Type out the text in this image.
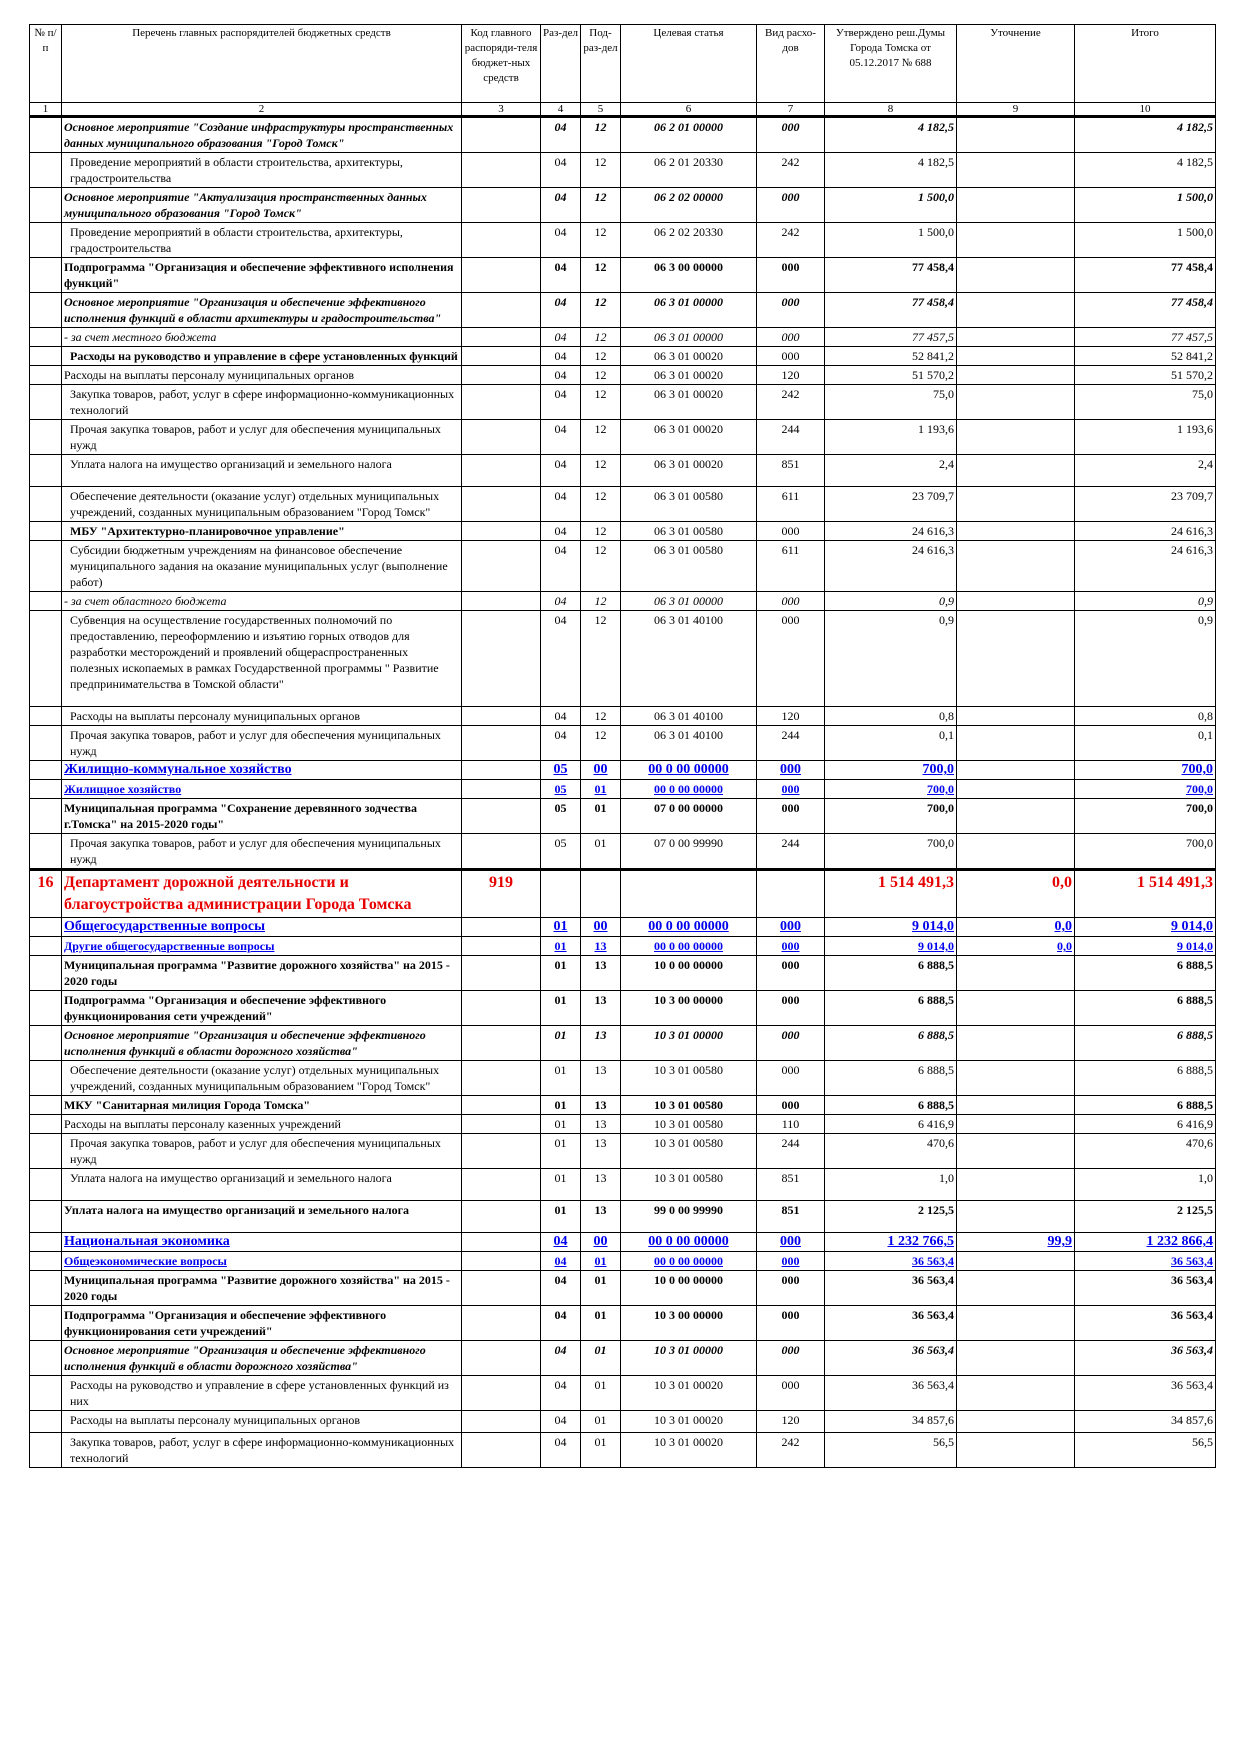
№ п/п	Перечень главных распорядителей бюджетных средств	Код главного распоряди-теля бюджет-ных средств	Раз-дел	Под-раз-дел	Целевая статья	Вид расхо-дов	Утверждено реш.Думы Города Томска от 05.12.2017 № 688	Уточнение	Итого
1	2	3	4	5	6	7	8	9	10
	Основное мероприятие "Создание инфраструктуры пространственных данных муниципального образования "Город Томск"		04	12	06 2 01 00000	000	4 182,5		4 182,5
	Проведение мероприятий в области строительства, архитектуры, градостроительства		04	12	06 2 01 20330	242	4 182,5		4 182,5
	Основное мероприятие "Актуализация пространственных данных муниципального образования "Город Томск"		04	12	06 2 02 00000	000	1 500,0		1 500,0
	Проведение мероприятий в области строительства, архитектуры, градостроительства		04	12	06 2 02 20330	242	1 500,0		1 500,0
	Подпрограмма "Организация и обеспечение эффективного исполнения функций"		04	12	06 3 00 00000	000	77 458,4		77 458,4
	Основное мероприятие "Организация и обеспечение эффективного исполнения функций в области архитектуры и градостроительства"		04	12	06 3 01 00000	000	77 458,4		77 458,4
	- за счет местного бюджета		04	12	06 3 01 00000	000	77 457,5		77 457,5
	Расходы на руководство и управление в сфере установленных функций		04	12	06 3 01 00020	000	52 841,2		52 841,2
	Расходы на выплаты персоналу муниципальных органов		04	12	06 3 01 00020	120	51 570,2		51 570,2
	Закупка товаров, работ, услуг в сфере информационно-коммуникационных технологий		04	12	06 3 01 00020	242	75,0		75,0
	Прочая закупка товаров, работ и услуг для обеспечения муниципальных нужд		04	12	06 3 01 00020	244	1 193,6		1 193,6
	Уплата налога на имущество организаций и земельного налога		04	12	06 3 01 00020	851	2,4		2,4
	Обеспечение деятельности (оказание услуг) отдельных муниципальных учреждений, созданных муниципальным образованием "Город Томск"		04	12	06 3 01 00580	611	23 709,7		23 709,7
	МБУ "Архитектурно-планировочное управление"		04	12	06 3 01 00580	000	24 616,3		24 616,3
	Субсидии бюджетным учреждениям на финансовое обеспечение муниципального задания на оказание муниципальных услуг (выполнение работ)		04	12	06 3 01 00580	611	24 616,3		24 616,3
	- за счет областного бюджета		04	12	06 3 01 00000	000	0,9		0,9
	Субвенция на осуществление государственных полномочий по предоставлению, переоформлению и изъятию горных отводов для разработки месторождений и проявлений общераспространенных полезных ископаемых в рамках Государственной программы " Развитие предпринимательства в Томской области"		04	12	06 3 01 40100	000	0,9		0,9
	Расходы на выплаты персоналу муниципальных органов		04	12	06 3 01 40100	120	0,8		0,8
	Прочая закупка товаров, работ и услуг для обеспечения муниципальных нужд		04	12	06 3 01 40100	244	0,1		0,1
	Жилищно-коммунальное хозяйство		05	00	00 0 00 00000	000	700,0		700,0
	Жилищное хозяйство		05	01	00 0 00 00000	000	700,0		700,0
	Муниципальная программа "Сохранение деревянного зодчества г.Томска" на 2015-2020 годы"		05	01	07 0 00 00000	000	700,0		700,0
	Прочая закупка товаров, работ и услуг для обеспечения муниципальных нужд		05	01	07 0 00 99990	244	700,0		700,0
16	Департамент дорожной деятельности и благоустройства администрации Города Томска	919					1 514 491,3	0,0	1 514 491,3
	Общегосударственные вопросы		01	00	00 0 00 00000	000	9 014,0	0,0	9 014,0
	Другие общегосударственные вопросы		01	13	00 0 00 00000	000	9 014,0	0,0	9 014,0
	Муниципальная программа "Развитие дорожного хозяйства" на 2015 - 2020 годы		01	13	10 0 00 00000	000	6 888,5		6 888,5
	Подпрограмма "Организация и обеспечение эффективного функционирования сети учреждений"		01	13	10 3 00 00000	000	6 888,5		6 888,5
	Основное мероприятие "Организация и обеспечение эффективного исполнения функций в области дорожного хозяйства"		01	13	10 3 01 00000	000	6 888,5		6 888,5
	Обеспечение деятельности (оказание услуг) отдельных муниципальных учреждений, созданных муниципальным образованием "Город Томск"		01	13	10 3 01 00580	000	6 888,5		6 888,5
	МКУ "Санитарная милиция Города Томска"		01	13	10 3 01 00580	000	6 888,5		6 888,5
	Расходы на выплаты персоналу казенных учреждений		01	13	10 3 01 00580	110	6 416,9		6 416,9
	Прочая закупка товаров, работ и услуг для обеспечения муниципальных нужд		01	13	10 3 01 00580	244	470,6		470,6
	Уплата налога на имущество организаций и земельного налога		01	13	10 3 01 00580	851	1,0		1,0
	Уплата налога на имущество организаций и земельного налога		01	13	99 0 00 99990	851	2 125,5		2 125,5
	Национальная экономика		04	00	00 0 00 00000	000	1 232 766,5	99,9	1 232 866,4
	Общеэкономические вопросы		04	01	00 0 00 00000	000	36 563,4		36 563,4
	Муниципальная программа "Развитие дорожного хозяйства" на 2015 - 2020 годы		04	01	10 0 00 00000	000	36 563,4		36 563,4
	Подпрограмма "Организация и обеспечение эффективного функционирования сети учреждений"		04	01	10 3 00 00000	000	36 563,4		36 563,4
	Основное мероприятие "Организация и обеспечение эффективного исполнения функций в области дорожного хозяйства"		04	01	10 3 01 00000	000	36 563,4		36 563,4
	Расходы на руководство и управление в сфере установленных функций из них		04	01	10 3 01 00020	000	36 563,4		36 563,4
	Расходы на выплаты персоналу муниципальных органов		04	01	10 3 01 00020	120	34 857,6		34 857,6
	Закупка товаров, работ, услуг в сфере информационно-коммуникационных технологий		04	01	10 3 01 00020	242	56,5		56,5
